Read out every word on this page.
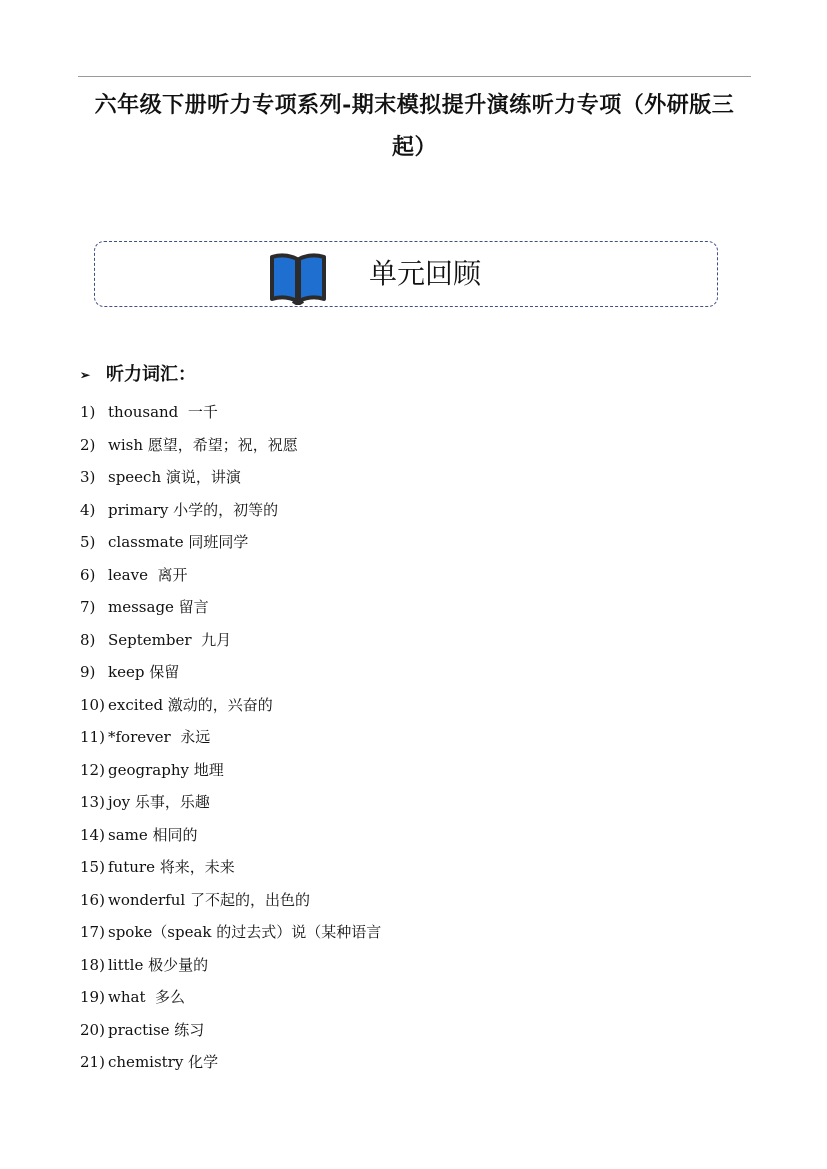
六年级下册听力专项系列-期末模拟提升演练听力专项（外研版三起）
单元回顾
➢ 听力词汇：
1) thousand  一千
2) wish 愿望，希望；祝，祝愿
3) speech 演说，讲演
4) primary 小学的，初等的
5) classmate 同班同学
6) leave  离开
7) message 留言
8) September  九月
9) keep 保留
10) excited 激动的，兴奋的
11) *forever  永远
12) geography 地理
13) joy 乐事，乐趣
14) same 相同的
15) future 将来，未来
16) wonderful 了不起的，出色的
17) spoke（speak 的过去式）说（某种语言
18) little 极少量的
19) what  多么
20) practise 练习
21) chemistry 化学
